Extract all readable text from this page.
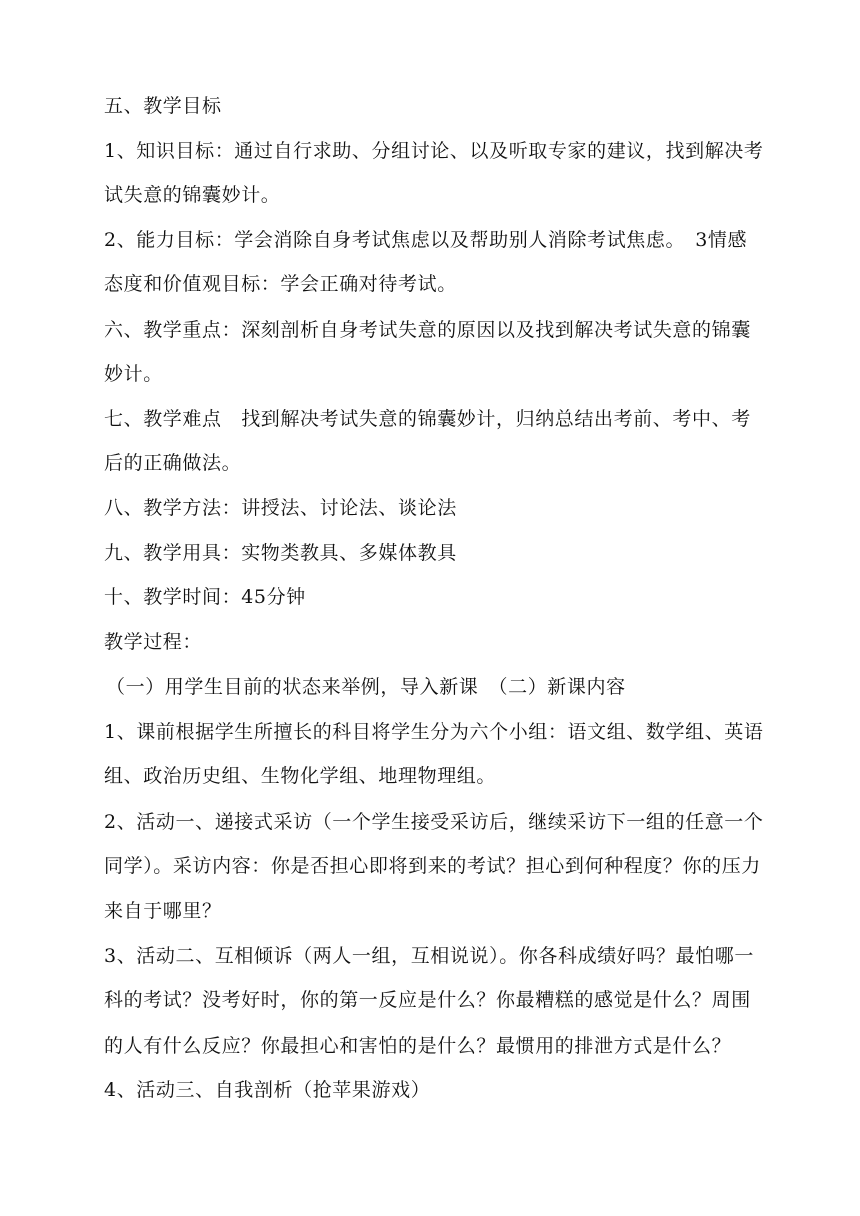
五、教学目标
1、知识目标：通过自行求助、分组讨论、以及听取专家的建议，找到解决考
试失意的锦囊妙计。
2、能力目标：学会消除自身考试焦虑以及帮助别人消除考试焦虑。　3情感
态度和价值观目标：学会正确对待考试。
六、教学重点：深刻剖析自身考试失意的原因以及找到解决考试失意的锦囊
妙计。
七、教学难点　找到解决考试失意的锦囊妙计，归纳总结出考前、考中、考
后的正确做法。
八、教学方法：讲授法、讨论法、谈论法
九、教学用具：实物类教具、多媒体教具
十、教学时间：45分钟
教学过程：
（一）用学生目前的状态来举例，导入新课　（二）新课内容
1、课前根据学生所擅长的科目将学生分为六个小组：语文组、数学组、英语
组、政治历史组、生物化学组、地理物理组。
2、活动一、递接式采访（一个学生接受采访后，继续采访下一组的任意一个
同学）。采访内容：你是否担心即将到来的考试？担心到何种程度？你的压力
来自于哪里？
3、活动二、互相倾诉（两人一组，互相说说）。你各科成绩好吗？最怕哪一
科的考试？没考好时，你的第一反应是什么？你最糟糕的感觉是什么？周围
的人有什么反应？你最担心和害怕的是什么？最惯用的排泄方式是什么？
4、活动三、自我剖析（抢苹果游戏）
